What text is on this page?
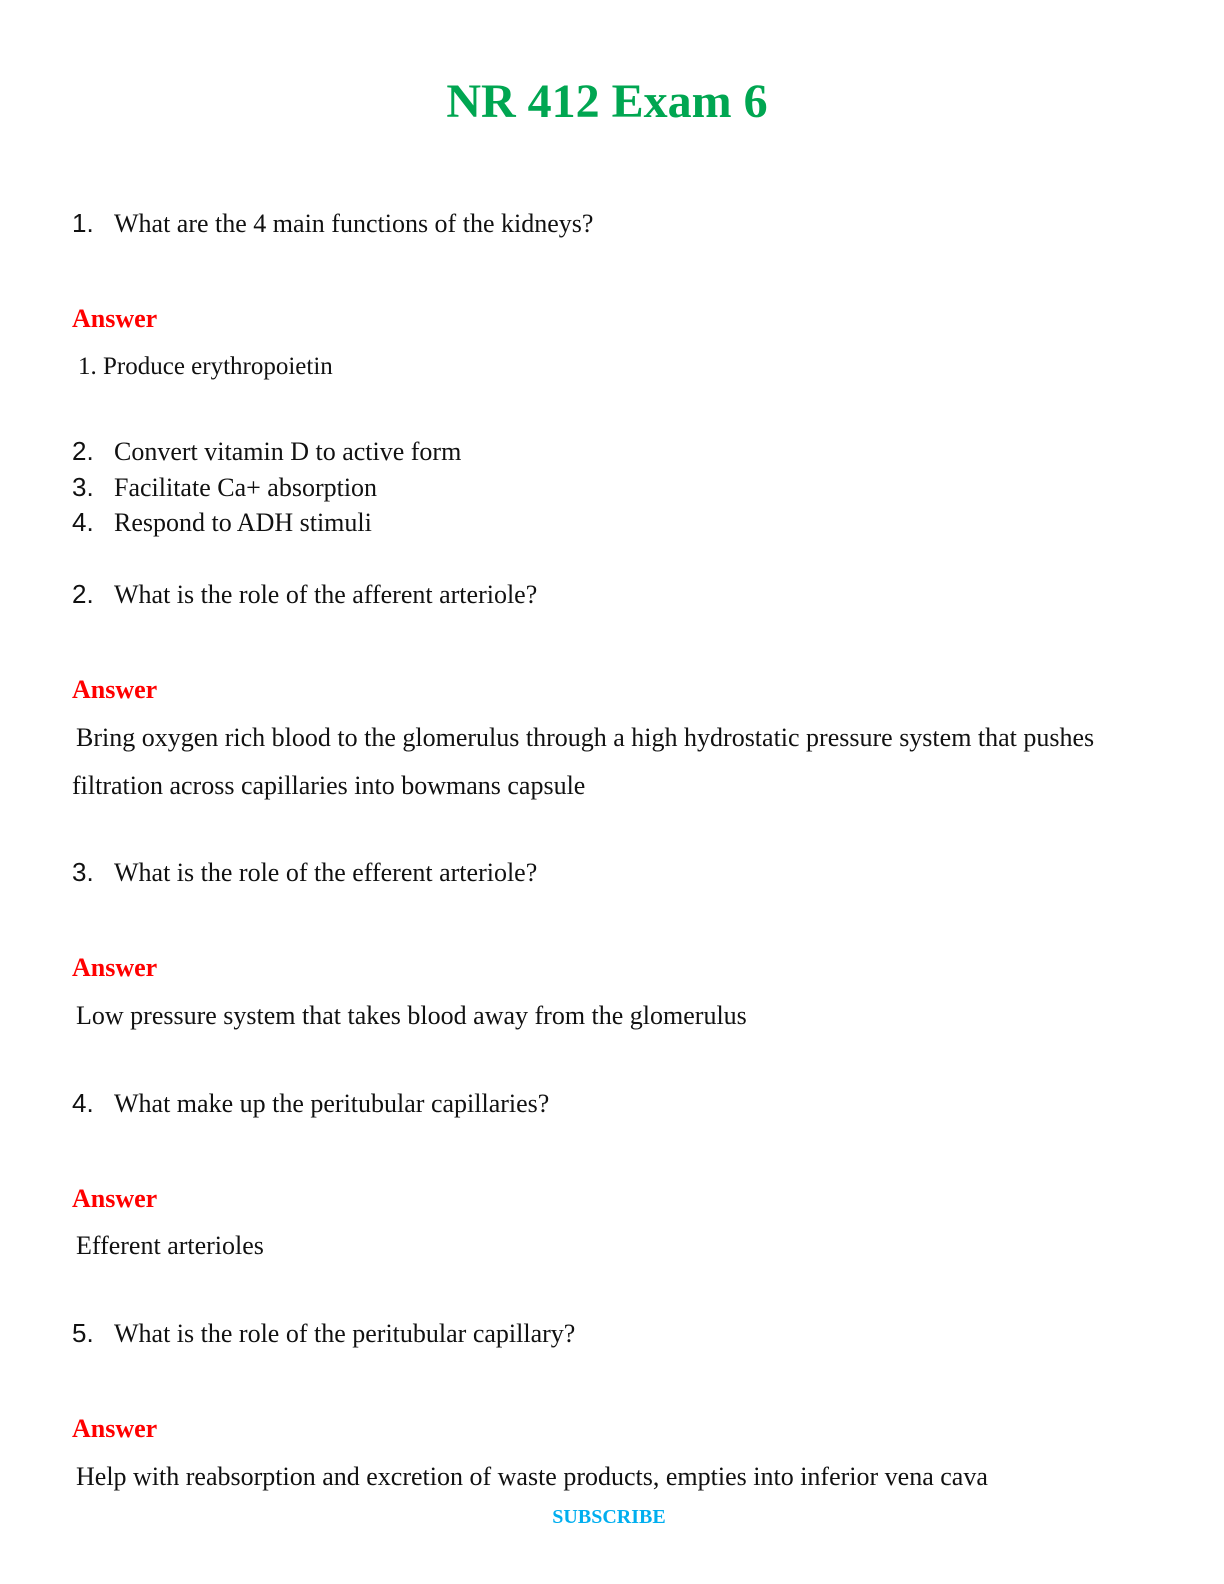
NR 412 Exam 6
1. What are the 4 main functions of the kidneys?
Answer
1. Produce erythropoietin
2. Convert vitamin D to active form
3. Facilitate Ca+ absorption
4. Respond to ADH stimuli
2. What is the role of the afferent arteriole?
Answer
Bring oxygen rich blood to the glomerulus through a high hydrostatic pressure system that pushes filtration across capillaries into bowmans capsule
3. What is the role of the efferent arteriole?
Answer
Low pressure system that takes blood away from the glomerulus
4. What make up the peritubular capillaries?
Answer
Efferent arterioles
5. What is the role of the peritubular capillary?
Answer
Help with reabsorption and excretion of waste products, empties into inferior vena cava
SUBSCRIBE
